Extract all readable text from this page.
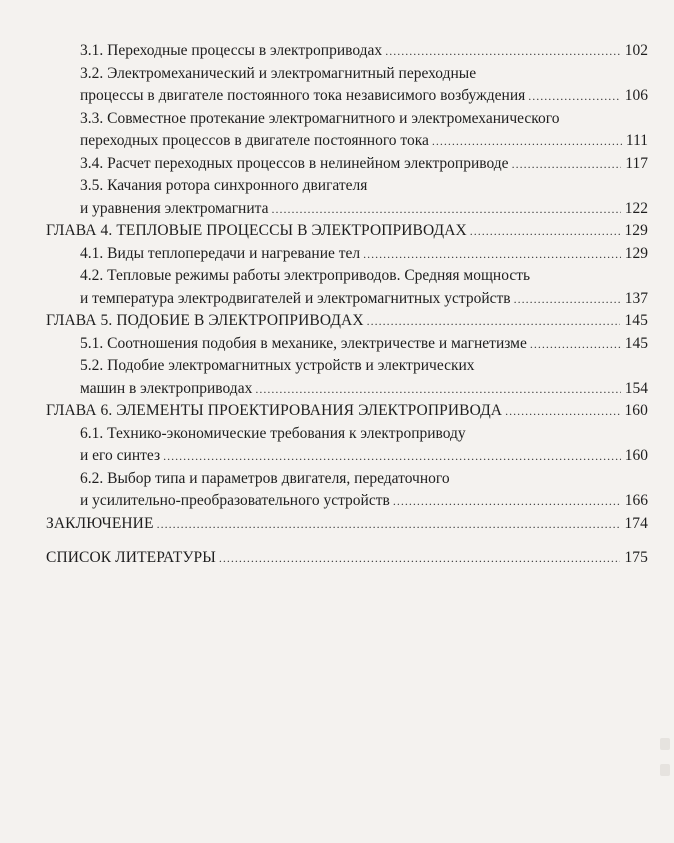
3.1. Переходные процессы в электроприводах .....	102
3.2. Электромеханический и электромагнитный переходные
процессы в двигателе постоянного тока независимого возбуждения .....	106
3.3. Совместное протекание электромагнитного и электромеханического
переходных процессов в двигателе постоянного тока .....	111
3.4. Расчет переходных процессов в нелинейном электроприводе .....	117
3.5. Качания ротора синхронного двигателя
и уравнения электромагнита .....	122
ГЛАВА 4. ТЕПЛОВЫЕ ПРОЦЕССЫ В ЭЛЕКТРОПРИВОДАХ .....	129
4.1. Виды теплопередачи и нагревание тел .....	129
4.2. Тепловые режимы работы электроприводов. Средняя мощность
и температура электродвигателей и электромагнитных устройств .....	137
ГЛАВА 5. ПОДОБИЕ В ЭЛЕКТРОПРИВОДАХ .....	145
5.1. Соотношения подобия в механике, электричестве и магнетизме .....	145
5.2. Подобие электромагнитных устройств и электрических
машин в электроприводах .....	154
ГЛАВА 6. ЭЛЕМЕНТЫ ПРОЕКТИРОВАНИЯ ЭЛЕКТРОПРИВОДА .....	160
6.1. Технико-экономические требования к электроприводу
и его синтез .....	160
6.2. Выбор типа и параметров двигателя, передаточного
и усилительно-преобразовательного устройств .....	166
ЗАКЛЮЧЕНИЕ .....	174
СПИСОК ЛИТЕРАТУРЫ .....	175
